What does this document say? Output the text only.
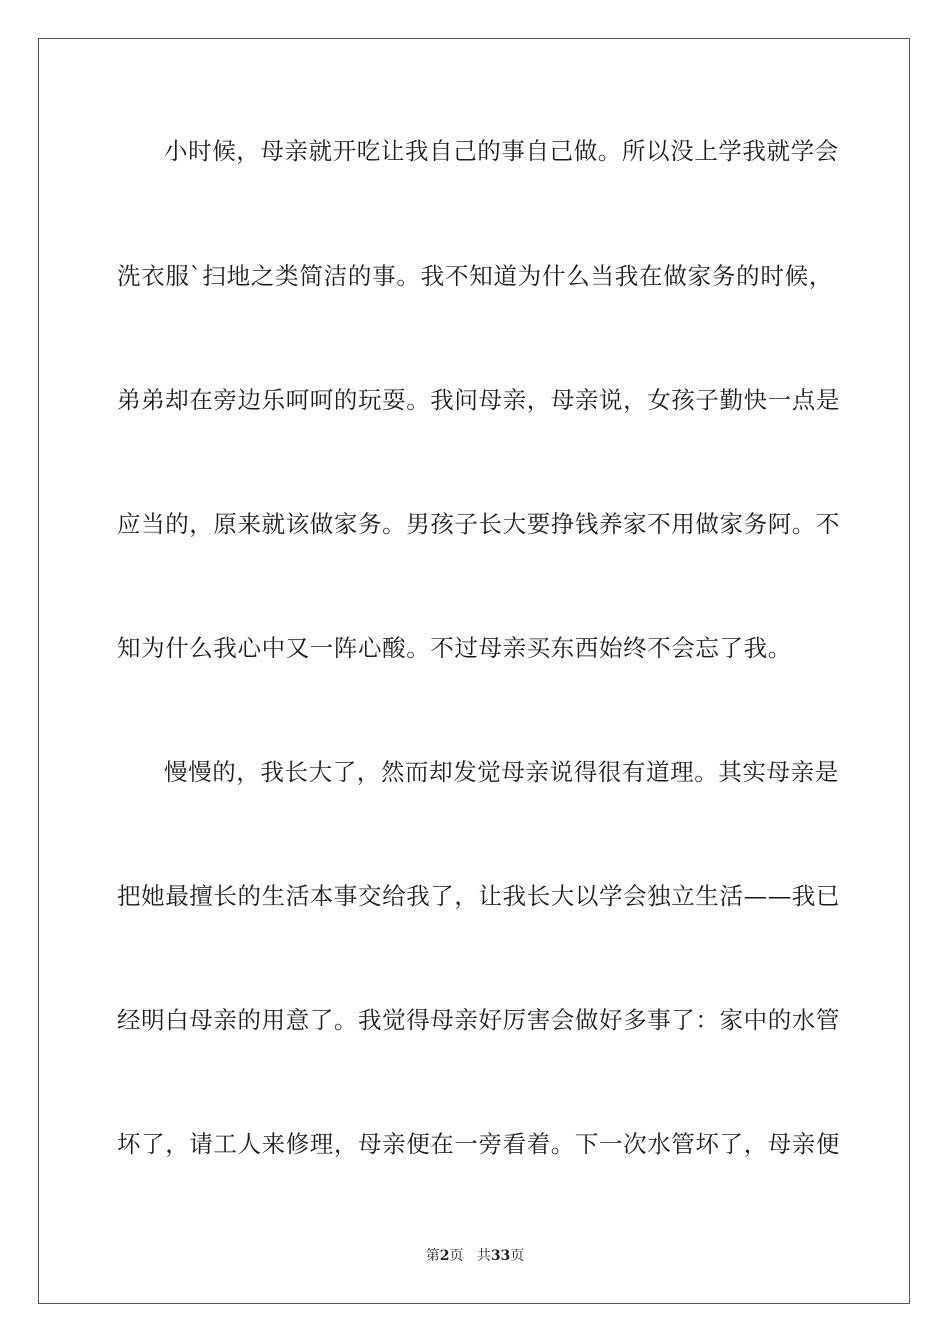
小时候，母亲就开吃让我自己的事自己做。所以没上学我就学会
洗衣服`扫地之类简洁的事。我不知道为什么当我在做家务的时候，
弟弟却在旁边乐呵呵的玩耍。我问母亲，母亲说，女孩子勤快一点是
应当的，原来就该做家务。男孩子长大要挣钱养家不用做家务阿。不
知为什么我心中又一阵心酸。不过母亲买东西始终不会忘了我。
慢慢的，我长大了，然而却发觉母亲说得很有道理。其实母亲是
把她最擅长的生活本事交给我了，让我长大以学会独立生活——我已
经明白母亲的用意了。我觉得母亲好厉害会做好多事了：家中的水管
坏了，请工人来修理，母亲便在一旁看着。下一次水管坏了，母亲便
第2页 共33页
